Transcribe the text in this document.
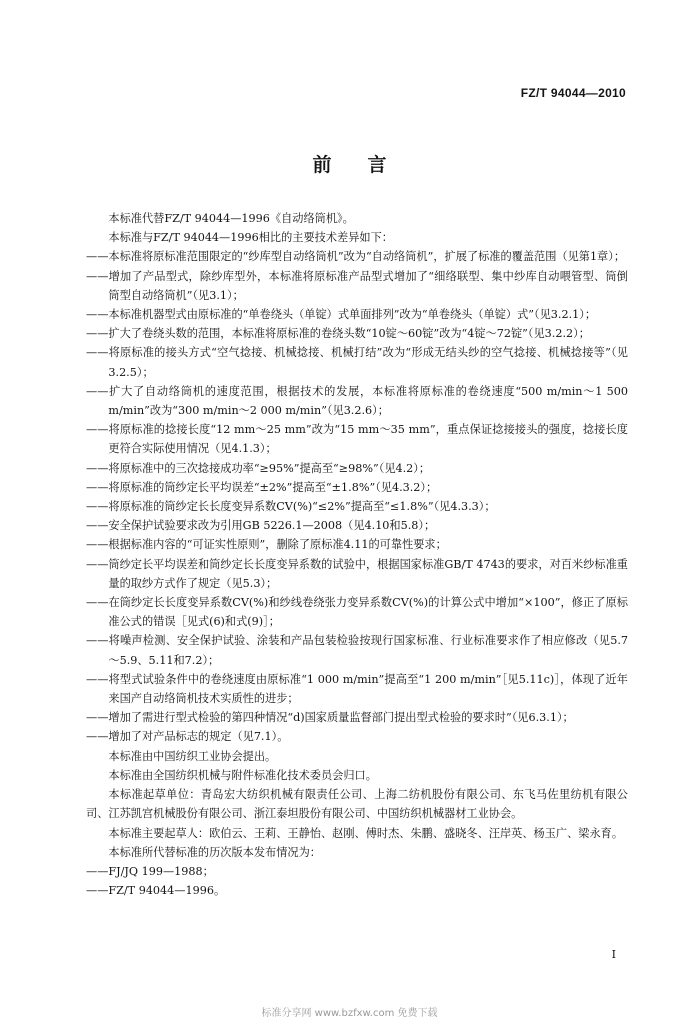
FZ/T 94044—2010
前言

本标准代替FZ/T 94044—1996《自动络筒机》。

本标准与FZ/T 94044—1996相比的主要技术差异如下：

——本标准将原标准范围限定的“纱库型自动络筒机”改为“自动络筒机”，扩展了标准的覆盖范围（见第1章）；

——增加了产品型式，除纱库型外，本标准将原标准产品型式增加了“细络联型、集中纱库自动喂管型、筒倒筒型自动络筒机”（见3.1）；

——本标准机器型式由原标准的“单卷绕头（单锭）式单面排列”改为“单卷绕头（单锭）式”（见3.2.1）；

——扩大了卷绕头数的范围，本标准将原标准的卷绕头数“10锭～60锭”改为“4锭～72锭”（见3.2.2）；

——将原标准的接头方式“空气捻接、机械捻接、机械打结”改为“形成无结头纱的空气捻接、机械捻接等”（见3.2.5）；

——扩大了自动络筒机的速度范围，根据技术的发展，本标准将原标准的卷绕速度“500 m/min～1 500 m/min”改为“300 m/min～2 000 m/min”（见3.2.6）；

——将原标准的捻接长度“12 mm～25 mm”改为“15 mm～35 mm”，重点保证捻接接头的强度，捻接长度更符合实际使用情况（见4.1.3）；

——将原标准中的三次捻接成功率“≥95%”提高至“≥98%”（见4.2）；

——将原标准的筒纱定长平均误差“±2%”提高至“±1.8%”（见4.3.2）；

——将原标准的筒纱定长长度变异系数CV(%)“≤2%”提高至“≤1.8%”（见4.3.3）；

——安全保护试验要求改为引用GB 5226.1—2008（见4.10和5.8）；

——根据标准内容的“可证实性原则”，删除了原标准4.11的可靠性要求；

——筒纱定长平均误差和筒纱定长长度变异系数的试验中，根据国家标准GB/T 4743的要求，对百米纱标准重量的取纱方式作了规定（见5.3）；

——在筒纱定长长度变异系数CV(%)和纱线卷绕张力变异系数CV(%)的计算公式中增加“×100”，修正了原标准公式的错误［见式(6)和式(9)］；

——将噪声检测、安全保护试验、涂装和产品包装检验按现行国家标准、行业标准要求作了相应修改（见5.7～5.9、5.11和7.2）；

——将型式试验条件中的卷绕速度由原标准“1 000 m/min”提高至“1 200 m/min”［见5.11c)］，体现了近年来国产自动络筒机技术实质性的进步；

——增加了需进行型式检验的第四种情况“d)国家质量监督部门提出型式检验的要求时”（见6.3.1）；

——增加了对产品标志的规定（见7.1）。

本标准由中国纺织工业协会提出。

本标准由全国纺织机械与附件标准化技术委员会归口。

本标准起草单位：青岛宏大纺织机械有限责任公司、上海二纺机股份有限公司、东飞马佐里纺机有限公司、江苏凯宫机械股份有限公司、浙江泰坦股份有限公司、中国纺织机械器材工业协会。

本标准主要起草人：欧伯云、王莉、王静怡、赵刚、傅时杰、朱鹏、盛晓冬、汪岸英、杨玉广、梁永育。

本标准所代替标准的历次版本发布情况为：

——FJ/JQ 199—1988；

——FZ/T 94044—1996。

I
标准分享网 www.bzfxw.com 免费下载
